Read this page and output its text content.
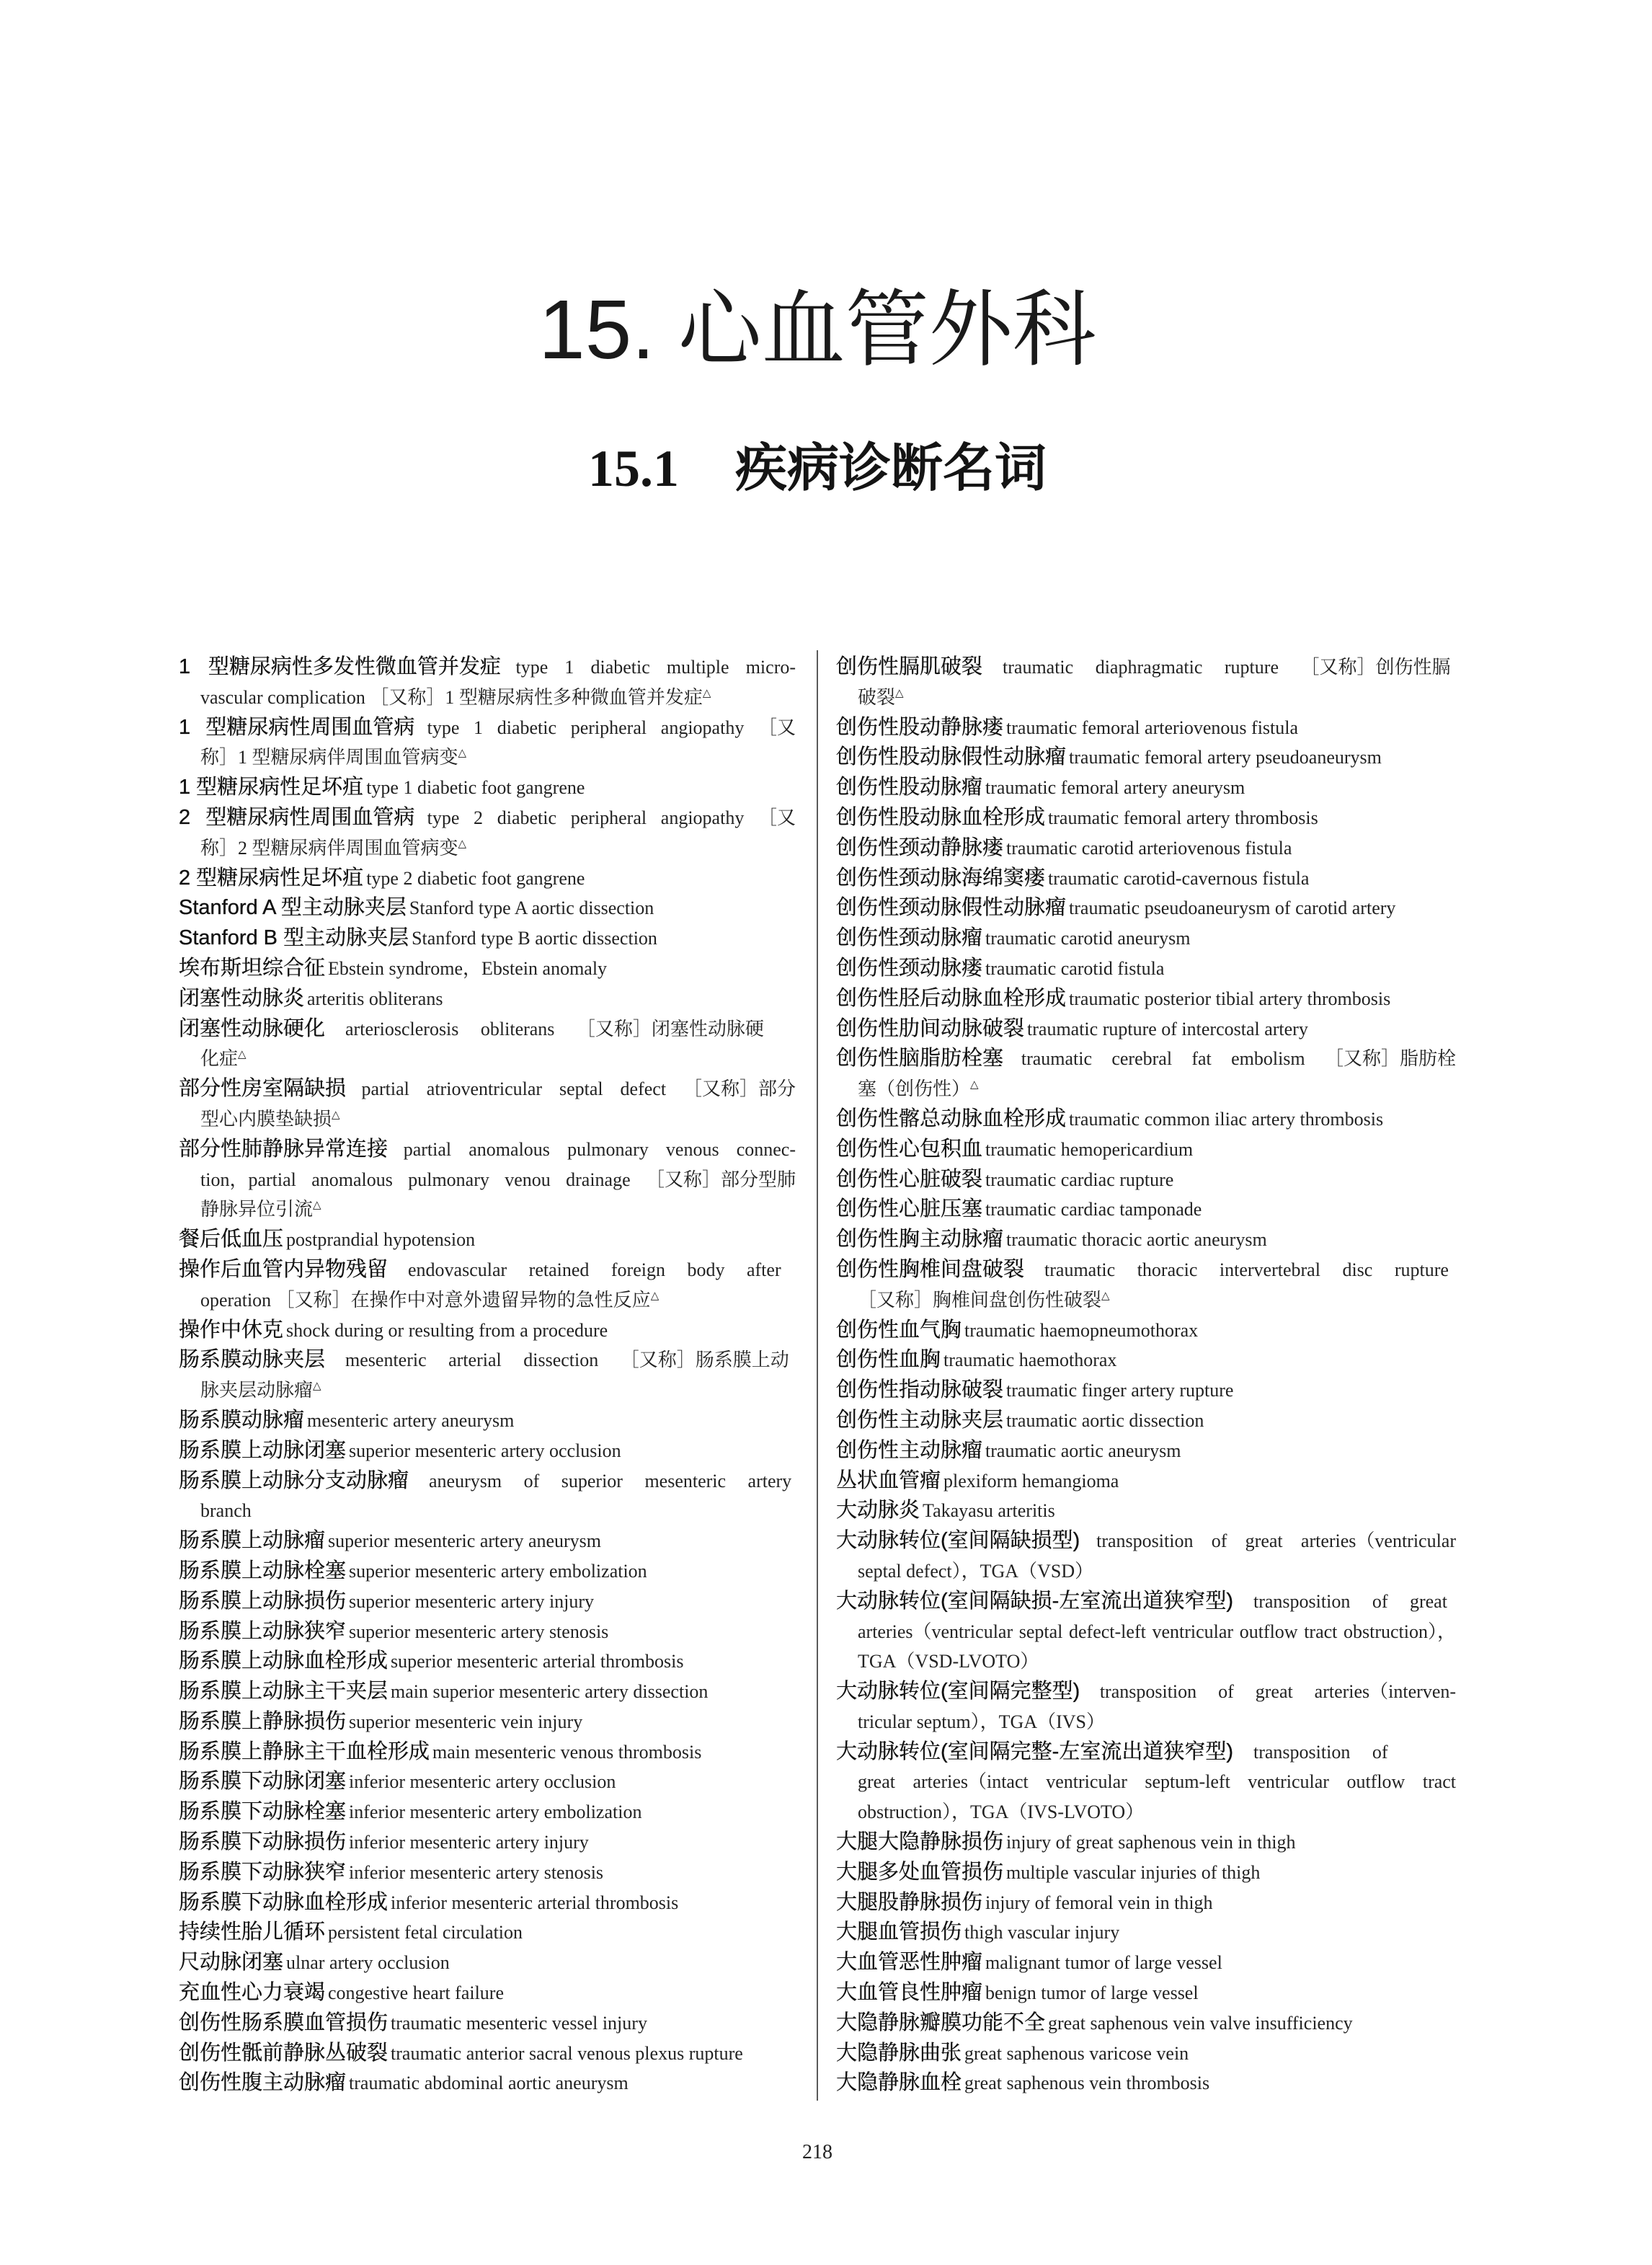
15. 心血管外科
15.1 疾病诊断名词
1 型糖尿病性多发性微血管并发症 type 1 diabetic multiple micro-
vascular complication ［又称］1 型糖尿病性多种微血管并发症△
1 型糖尿病性周围血管病 type 1 diabetic peripheral angiopathy ［又
称］1 型糖尿病伴周围血管病变△
1 型糖尿病性足坏疽 type 1 diabetic foot gangrene
2 型糖尿病性周围血管病 type 2 diabetic peripheral angiopathy ［又
称］2 型糖尿病伴周围血管病变△
2 型糖尿病性足坏疽 type 2 diabetic foot gangrene
Stanford A 型主动脉夹层 Stanford type A aortic dissection
Stanford B 型主动脉夹层 Stanford type B aortic dissection
埃布斯坦综合征 Ebstein syndrome，Ebstein anomaly
闭塞性动脉炎 arteritis obliterans
闭塞性动脉硬化 arteriosclerosis obliterans ［又称］闭塞性动脉硬
化症△
部分性房室隔缺损 partial atrioventricular septal defect ［又称］部分
型心内膜垫缺损△
部分性肺静脉异常连接 partial anomalous pulmonary venous connec-
tion，partial anomalous pulmonary venou drainage ［又称］部分型肺
静脉异位引流△
餐后低血压 postprandial hypotension
操作后血管内异物残留 endovascular retained foreign body after
operation ［又称］在操作中对意外遗留异物的急性反应△
操作中休克 shock during or resulting from a procedure
肠系膜动脉夹层 mesenteric arterial dissection ［又称］肠系膜上动
脉夹层动脉瘤△
肠系膜动脉瘤 mesenteric artery aneurysm
肠系膜上动脉闭塞 superior mesenteric artery occlusion
肠系膜上动脉分支动脉瘤 aneurysm of superior mesenteric artery
branch
肠系膜上动脉瘤 superior mesenteric artery aneurysm
肠系膜上动脉栓塞 superior mesenteric artery embolization
肠系膜上动脉损伤 superior mesenteric artery injury
肠系膜上动脉狭窄 superior mesenteric artery stenosis
肠系膜上动脉血栓形成 superior mesenteric arterial thrombosis
肠系膜上动脉主干夹层 main superior mesenteric artery dissection
肠系膜上静脉损伤 superior mesenteric vein injury
肠系膜上静脉主干血栓形成 main mesenteric venous thrombosis
肠系膜下动脉闭塞 inferior mesenteric artery occlusion
肠系膜下动脉栓塞 inferior mesenteric artery embolization
肠系膜下动脉损伤 inferior mesenteric artery injury
肠系膜下动脉狭窄 inferior mesenteric artery stenosis
肠系膜下动脉血栓形成 inferior mesenteric arterial thrombosis
持续性胎儿循环 persistent fetal circulation
尺动脉闭塞 ulnar artery occlusion
充血性心力衰竭 congestive heart failure
创伤性肠系膜血管损伤 traumatic mesenteric vessel injury
创伤性骶前静脉丛破裂 traumatic anterior sacral venous plexus rupture
创伤性腹主动脉瘤 traumatic abdominal aortic aneurysm
创伤性膈肌破裂 traumatic diaphragmatic rupture ［又称］创伤性膈
破裂△
创伤性股动静脉瘘 traumatic femoral arteriovenous fistula
创伤性股动脉假性动脉瘤 traumatic femoral artery pseudoaneurysm
创伤性股动脉瘤 traumatic femoral artery aneurysm
创伤性股动脉血栓形成 traumatic femoral artery thrombosis
创伤性颈动静脉瘘 traumatic carotid arteriovenous fistula
创伤性颈动脉海绵窦瘘 traumatic carotid-cavernous fistula
创伤性颈动脉假性动脉瘤 traumatic pseudoaneurysm of carotid artery
创伤性颈动脉瘤 traumatic carotid aneurysm
创伤性颈动脉瘘 traumatic carotid fistula
创伤性胫后动脉血栓形成 traumatic posterior tibial artery thrombosis
创伤性肋间动脉破裂 traumatic rupture of intercostal artery
创伤性脑脂肪栓塞 traumatic cerebral fat embolism ［又称］脂肪栓
塞（创伤性）△
创伤性髂总动脉血栓形成 traumatic common iliac artery thrombosis
创伤性心包积血 traumatic hemopericardium
创伤性心脏破裂 traumatic cardiac rupture
创伤性心脏压塞 traumatic cardiac tamponade
创伤性胸主动脉瘤 traumatic thoracic aortic aneurysm
创伤性胸椎间盘破裂 traumatic thoracic intervertebral disc rupture
［又称］胸椎间盘创伤性破裂△
创伤性血气胸 traumatic haemopneumothorax
创伤性血胸 traumatic haemothorax
创伤性指动脉破裂 traumatic finger artery rupture
创伤性主动脉夹层 traumatic aortic dissection
创伤性主动脉瘤 traumatic aortic aneurysm
丛状血管瘤 plexiform hemangioma
大动脉炎 Takayasu arteritis
大动脉转位(室间隔缺损型) transposition of great arteries（ventricular
septal defect），TGA（VSD）
大动脉转位(室间隔缺损-左室流出道狭窄型) transposition of great
arteries（ventricular septal defect-left ventricular outflow tract obstruction），
TGA（VSD-LVOTO）
大动脉转位(室间隔完整型) transposition of great arteries（interven-
tricular septum），TGA（IVS）
大动脉转位(室间隔完整-左室流出道狭窄型) transposition of
great arteries（intact ventricular septum-left ventricular outflow tract
obstruction），TGA（IVS-LVOTO）
大腿大隐静脉损伤 injury of great saphenous vein in thigh
大腿多处血管损伤 multiple vascular injuries of thigh
大腿股静脉损伤 injury of femoral vein in thigh
大腿血管损伤 thigh vascular injury
大血管恶性肿瘤 malignant tumor of large vessel
大血管良性肿瘤 benign tumor of large vessel
大隐静脉瓣膜功能不全 great saphenous vein valve insufficiency
大隐静脉曲张 great saphenous varicose vein
大隐静脉血栓 great saphenous vein thrombosis
218
